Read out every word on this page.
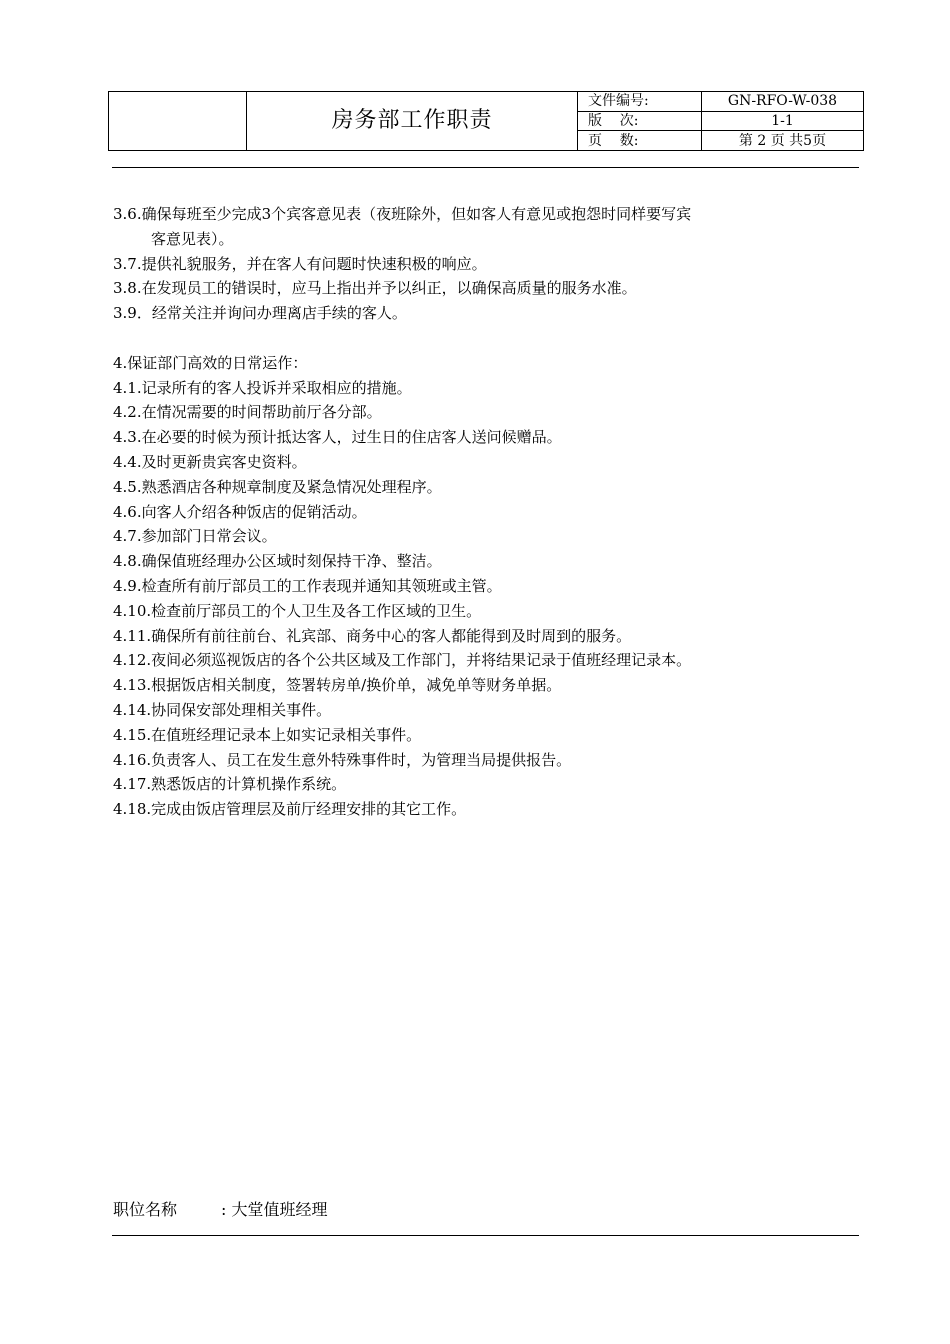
	房务部工作职责	文件编号:	GN-RFO-W-038
		版    次:	1-1
		页    数:	第 2 页 共5页
3.6.确保每班至少完成3个宾客意见表（夜班除外，但如客人有意见或抱怨时同样要写宾
客意见表）。
3.7.提供礼貌服务，并在客人有问题时快速积极的响应。
3.8.在发现员工的错误时，应马上指出并予以纠正，以确保高质量的服务水准。
3.9．经常关注并询问办理离店手续的客人。
4.保证部门高效的日常运作：
4.1.记录所有的客人投诉并采取相应的措施。
4.2.在情况需要的时间帮助前厅各分部。
4.3.在必要的时候为预计抵达客人，过生日的住店客人送问候赠品。
4.4.及时更新贵宾客史资料。
4.5.熟悉酒店各种规章制度及紧急情况处理程序。
4.6.向客人介绍各种饭店的促销活动。
4.7.参加部门日常会议。
4.8.确保值班经理办公区域时刻保持干净、整洁。
4.9.检查所有前厅部员工的工作表现并通知其领班或主管。
4.10.检查前厅部员工的个人卫生及各工作区域的卫生。
4.11.确保所有前往前台、礼宾部、商务中心的客人都能得到及时周到的服务。
4.12.夜间必须巡视饭店的各个公共区域及工作部门，并将结果记录于值班经理记录本。
4.13.根据饭店相关制度，签署转房单/换价单，减免单等财务单据。
4.14.协同保安部处理相关事件。
4.15.在值班经理记录本上如实记录相关事件。
4.16.负责客人、员工在发生意外特殊事件时，为管理当局提供报告。
4.17.熟悉饭店的计算机操作系统。
4.18.完成由饭店管理层及前厅经理安排的其它工作。
职位名称	: 大堂值班经理
